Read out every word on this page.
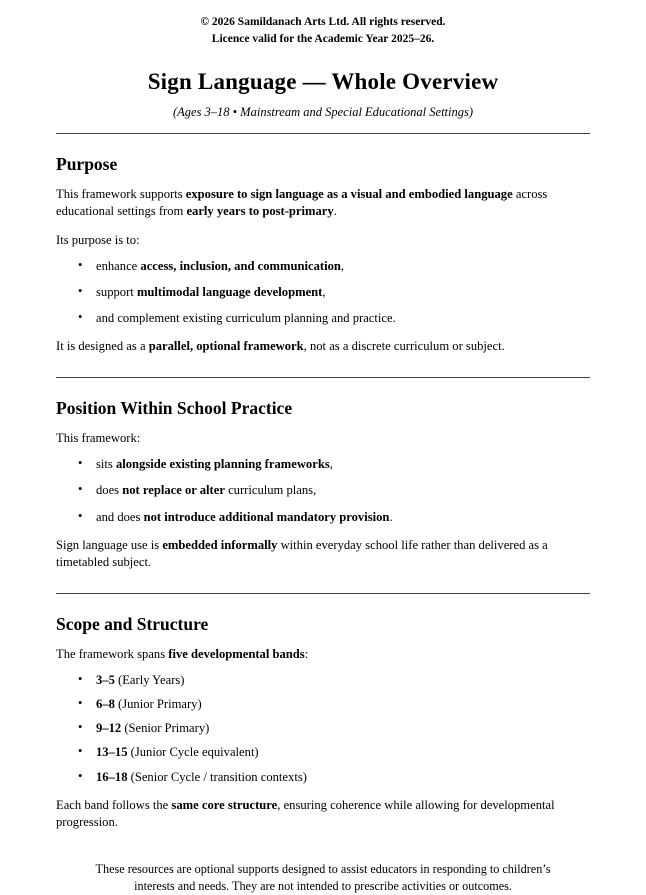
© 2026 Samildanach Arts Ltd. All rights reserved.
Licence valid for the Academic Year 2025–26.
Sign Language — Whole Overview
(Ages 3–18 • Mainstream and Special Educational Settings)
Purpose

This framework supports exposure to sign language as a visual and embodied language across educational settings from early years to post-primary.

Its purpose is to:

• enhance access, inclusion, and communication,
• support multimodal language development,
• and complement existing curriculum planning and practice.

It is designed as a parallel, optional framework, not as a discrete curriculum or subject.

Position Within School Practice

This framework:

• sits alongside existing planning frameworks,
• does not replace or alter curriculum plans,
• and does not introduce additional mandatory provision.

Sign language use is embedded informally within everyday school life rather than delivered as a timetabled subject.

Scope and Structure

The framework spans five developmental bands:

• 3–5 (Early Years)
• 6–8 (Junior Primary)
• 9–12 (Senior Primary)
• 13–15 (Junior Cycle equivalent)
• 16–18 (Senior Cycle / transition contexts)

Each band follows the same core structure, ensuring coherence while allowing for developmental progression.

These resources are optional supports designed to assist educators in responding to children’s interests and needs. They are not intended to prescribe activities or outcomes.
